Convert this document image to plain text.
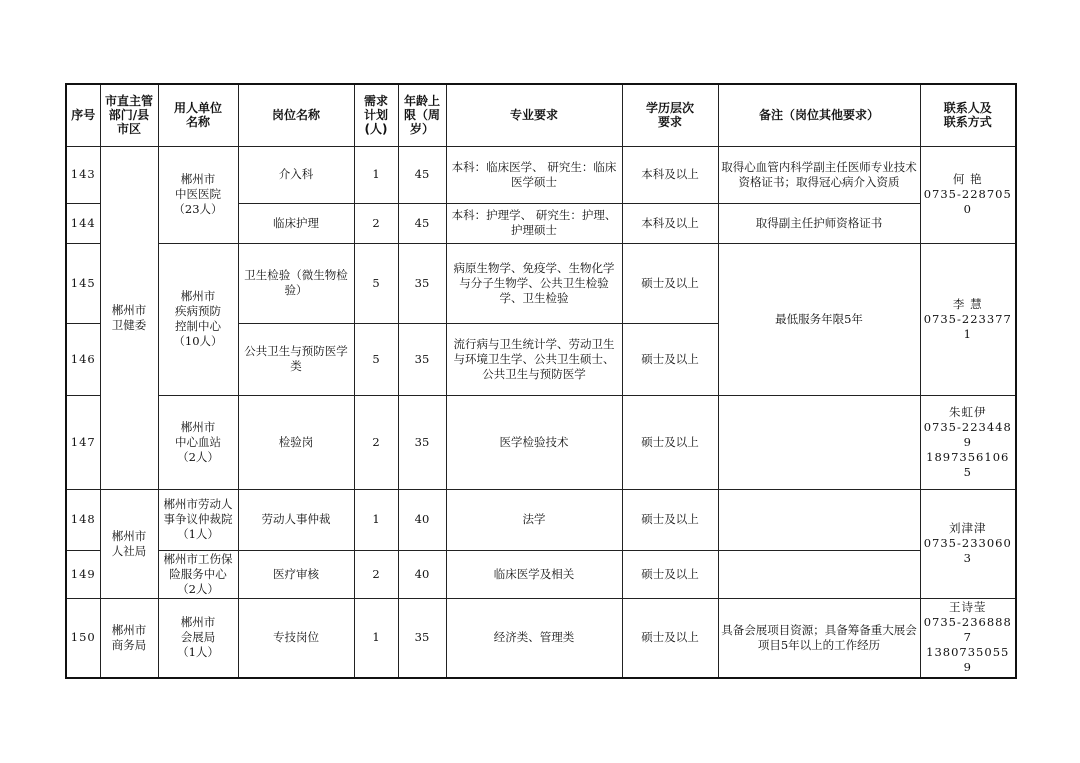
序号	市直主管
部门/县
市区	用人单位
名称	岗位名称	需求
计划
(人)	年龄上
限（周
岁）	专业要求	学历层次
要求	备注（岗位其他要求）	联系人及
联系方式
143	郴州市
卫健委	郴州市
中医医院
（23人）	介入科	1	45	本科：临床医学、 研究生：临床医学硕士	本科及以上	取得心血管内科学副主任医师专业技术资格证书；取得冠心病介入资质	何 艳
0735-2287050
144			临床护理	2	45	本科：护理学、 研究生：护理、护理硕士	本科及以上	取得副主任护师资格证书	
145		郴州市
疾病预防
控制中心
（10人）	卫生检验（微生物检验）	5	35	病原生物学、免疫学、生物化学与分子生物学、公共卫生检验学、卫生检验	硕士及以上	最低服务年限5年	李 慧
0735-2233771
146			公共卫生与预防医学类	5	35	流行病与卫生统计学、劳动卫生与环境卫生学、公共卫生硕士、公共卫生与预防医学	硕士及以上		
147		郴州市
中心血站
（2人）	检验岗	2	35	医学检验技术	硕士及以上		朱虹伊
0735-2234489
18973561065
148	郴州市
人社局	郴州市劳动人
事争议仲裁院
（1人）	劳动人事仲裁	1	40	法学	硕士及以上		刘津津
0735-2330603
149		郴州市工伤保
险服务中心
（2人）	医疗审核	2	40	临床医学及相关	硕士及以上		
150	郴州市
商务局	郴州市
会展局
（1人）	专技岗位	1	35	经济类、管理类	硕士及以上	具备会展项目资源；具备筹备重大展会项目5年以上的工作经历	王诗莹
0735-2368887
13807350559
